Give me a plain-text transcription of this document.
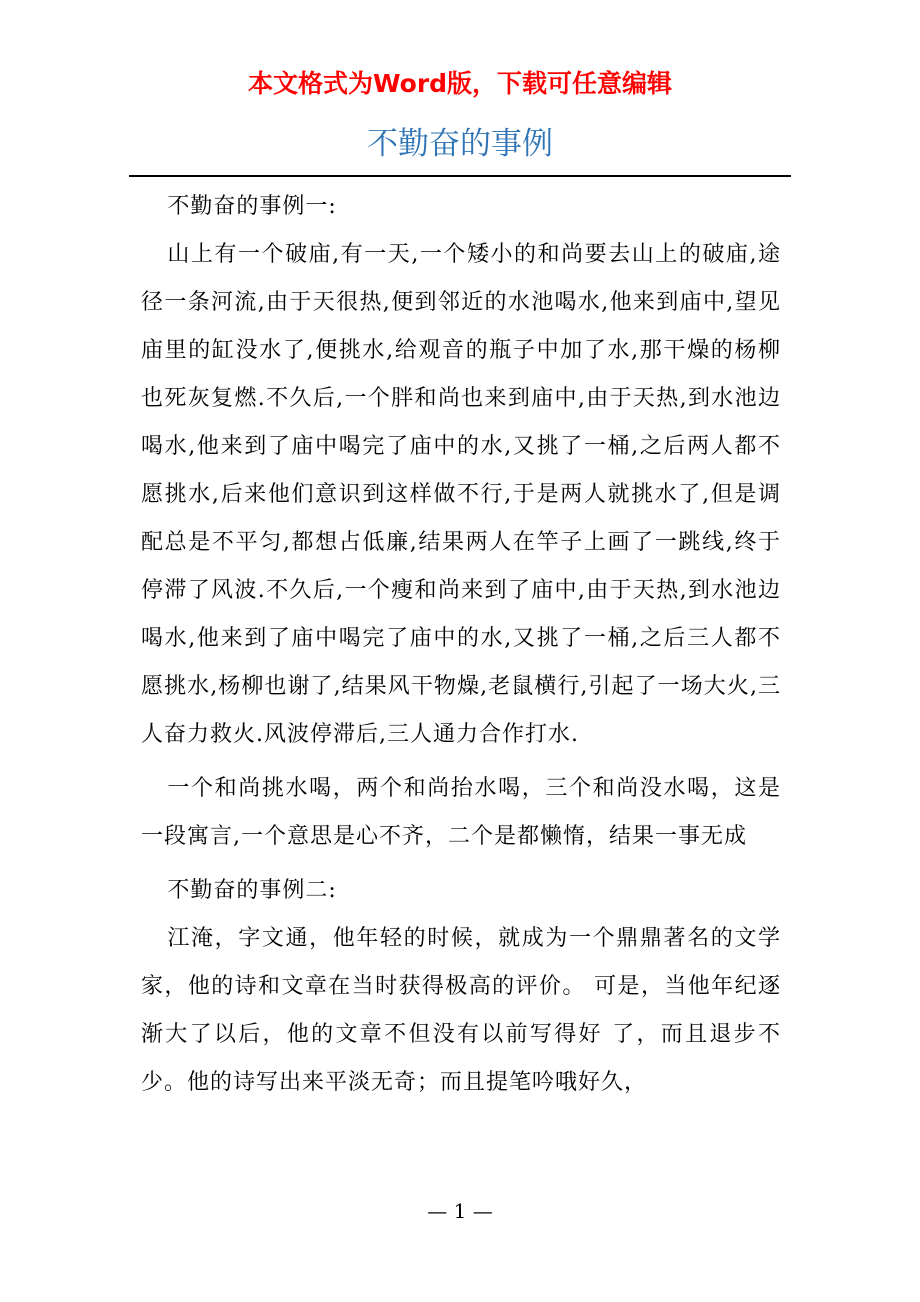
本文格式为Word版，下载可任意编辑
不勤奋的事例

不勤奋的事例一:

山上有一个破庙,有一天,一个矮小的和尚要去山上的破庙,途径一条河流,由于天很热,便到邻近的水池喝水,他来到庙中,望见庙里的缸没水了,便挑水,给观音的瓶子中加了水,那干燥的杨柳也死灰复燃.不久后,一个胖和尚也来到庙中,由于天热,到水池边喝水,他来到了庙中喝完了庙中的水,又挑了一桶,之后两人都不愿挑水,后来他们意识到这样做不行,于是两人就挑水了,但是调配总是不平匀,都想占低廉,结果两人在竿子上画了一跳线,终于停滞了风波.不久后,一个瘦和尚来到了庙中,由于天热,到水池边喝水,他来到了庙中喝完了庙中的水,又挑了一桶,之后三人都不愿挑水,杨柳也谢了,结果风干物燥,老鼠横行,引起了一场大火,三人奋力救火.风波停滞后,三人通力合作打水.

一个和尚挑水喝，两个和尚抬水喝，三个和尚没水喝，这是一段寓言,一个意思是心不齐，二个是都懒惰，结果一事无成

不勤奋的事例二:

江淹，字文通，他年轻的时候，就成为一个鼎鼎著名的文学 家，他的诗和文章在当时获得极高的评价。 可是，当他年纪逐渐大了以后，他的文章不但没有以前写得好 了，而且退步不少。他的诗写出来平淡无奇；而且提笔吟哦好久，

— 1 —
